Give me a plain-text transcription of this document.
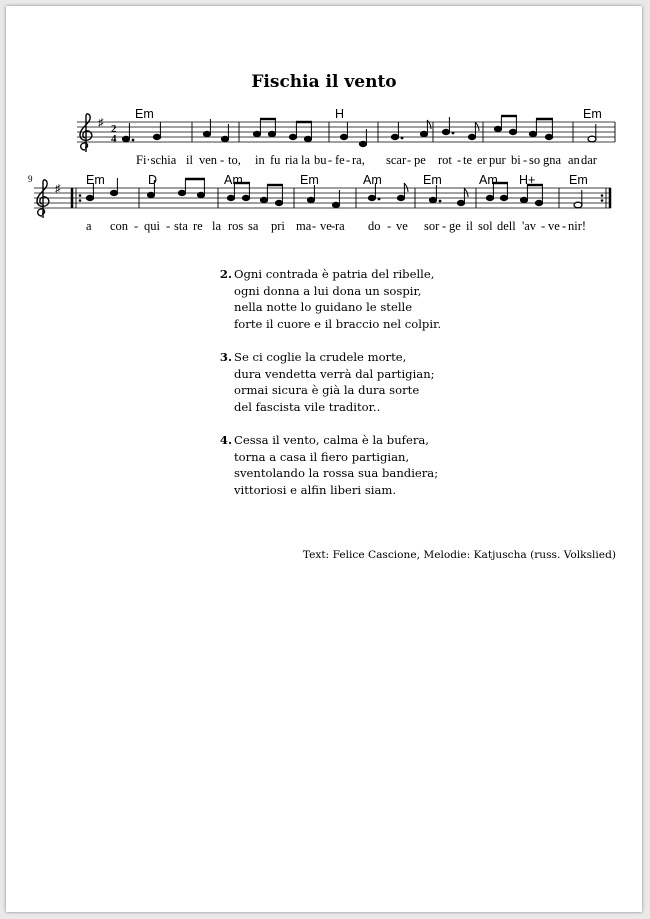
Fischia il vento
Em	H	Em
♯ 2
4
Fi·schia il ven - to, in fu ria la bu - fe - ra, scar - pe rot - te er pur bi - so gna an dar
9	Em	D	Am	Em	Am	Em	Am H+	Em
♯
a con - qui - sta re la ros sa pri ma - ve - ra do - ve sor - ge il sol dell 'av - ve - nir!
2. Ogni contrada è patria del ribelle,
ogni donna a lui dona un sospir,
nella notte lo guidano le stelle
forte il cuore e il braccio nel colpir.
3. Se ci coglie la crudele morte,
dura vendetta verrà dal partigian;
ormai sicura è già la dura sorte
del fascista vile traditor..
4. Cessa il vento, calma è la bufera,
torna a casa il fiero partigian,
sventolando la rossa sua bandiera;
vittoriosi e alfin liberi siam.
Text: Felice Cascione, Melodie: Katjuscha (russ. Volkslied)
